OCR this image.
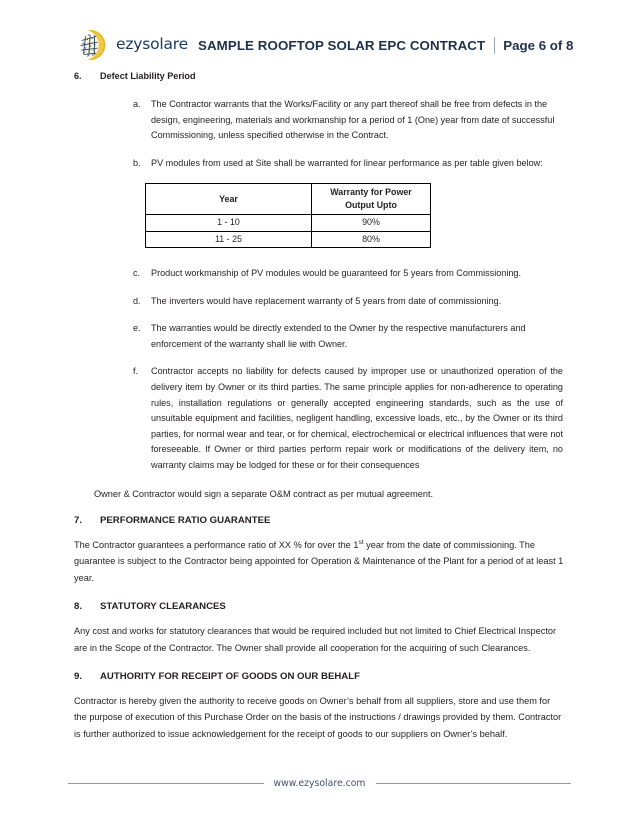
ezysolare SAMPLE ROOFTOP SOLAR EPC CONTRACT Page 6 of 8
6.	Defect Liability Period
a.	The Contractor warrants that the Works/Facility or any part thereof shall be free from defects in the design, engineering, materials and workmanship for a period of 1 (One) year from date of successful Commissioning, unless specified otherwise in the Contract.
b.	PV modules from used at Site shall be warranted for linear performance as per table given below:
Year	Warranty for Power
Output Upto
1 - 10	90%
11 - 25	80%
c.	Product workmanship of PV modules would be guaranteed for 5 years from Commissioning.
d.	The inverters would have replacement warranty of 5 years from date of commissioning.
e.	The warranties would be directly extended to the Owner by the respective manufacturers and enforcement of the warranty shall lie with Owner.
f.	Contractor accepts no liability for defects caused by improper use or unauthorized operation of the delivery item by Owner or its third parties. The same principle applies for non-adherence to operating rules, installation regulations or generally accepted engineering standards, such as the use of unsuitable equipment and facilities, negligent handling, excessive loads, etc., by the Owner or its third parties, for normal wear and tear, or for chemical, electrochemical or electrical influences that were not foreseeable. If Owner or third parties perform repair work or modifications of the delivery item, no warranty claims may be lodged for these or for their consequences
Owner & Contractor would sign a separate O&M contract as per mutual agreement.
7.	PERFORMANCE RATIO GUARANTEE
The Contractor guarantees a performance ratio of XX % for over the 1st year from the date of commissioning. The guarantee is subject to the Contractor being appointed for Operation & Maintenance of the Plant for a period of at least 1 year.
8.	STATUTORY CLEARANCES
Any cost and works for statutory clearances that would be required included but not limited to Chief Electrical Inspector are in the Scope of the Contractor. The Owner shall provide all cooperation for the acquiring of such Clearances.
9.	AUTHORITY FOR RECEIPT OF GOODS ON OUR BEHALF
Contractor is hereby given the authority to receive goods on Owner’s behalf from all suppliers, store and use them for the purpose of execution of this Purchase Order on the basis of the instructions / drawings provided by them. Contractor is further authorized to issue acknowledgement for the receipt of goods to our suppliers on Owner’s behalf.
www.ezysolare.com
